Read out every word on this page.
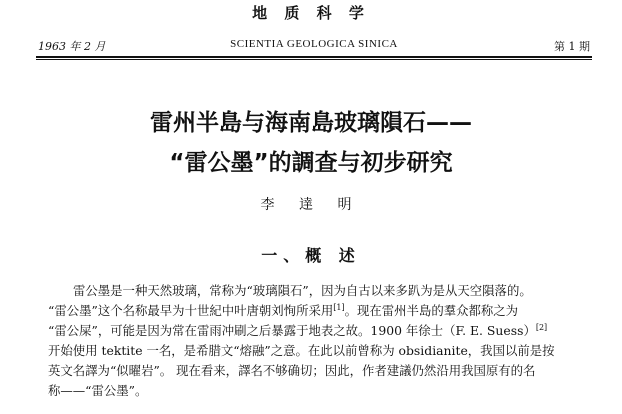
地 质 科 学
1963 年 2 月	SCIENTIA GEOLOGICA SINICA	第 1 期
雷州半島与海南島玻璃隕石——
“雷公墨”的調查与初步研究
李 達 明
一、概 述
雷公墨是一种天然玻璃，常称为“玻璃隕石”，因为自古以来多趴为是从天空隕落的。
“雷公墨”这个名称最早为十世紀中叶唐朝刘恂所采用[1]。现在雷州半島的羣众都称之为
“雷公屎”，可能是因为常在雷雨冲刷之后暴露于地表之故。1900 年徐士（F. E. Suess）[2]
开始使用 tektite 一名，是希腊文“熔融”之意。在此以前曾称为 obsidianite，我国以前是按
英文名譯为“似曜岩”。 现在看来，譯名不够确切；因此，作者建議仍然沿用我国原有的名
称——“雷公墨”。
